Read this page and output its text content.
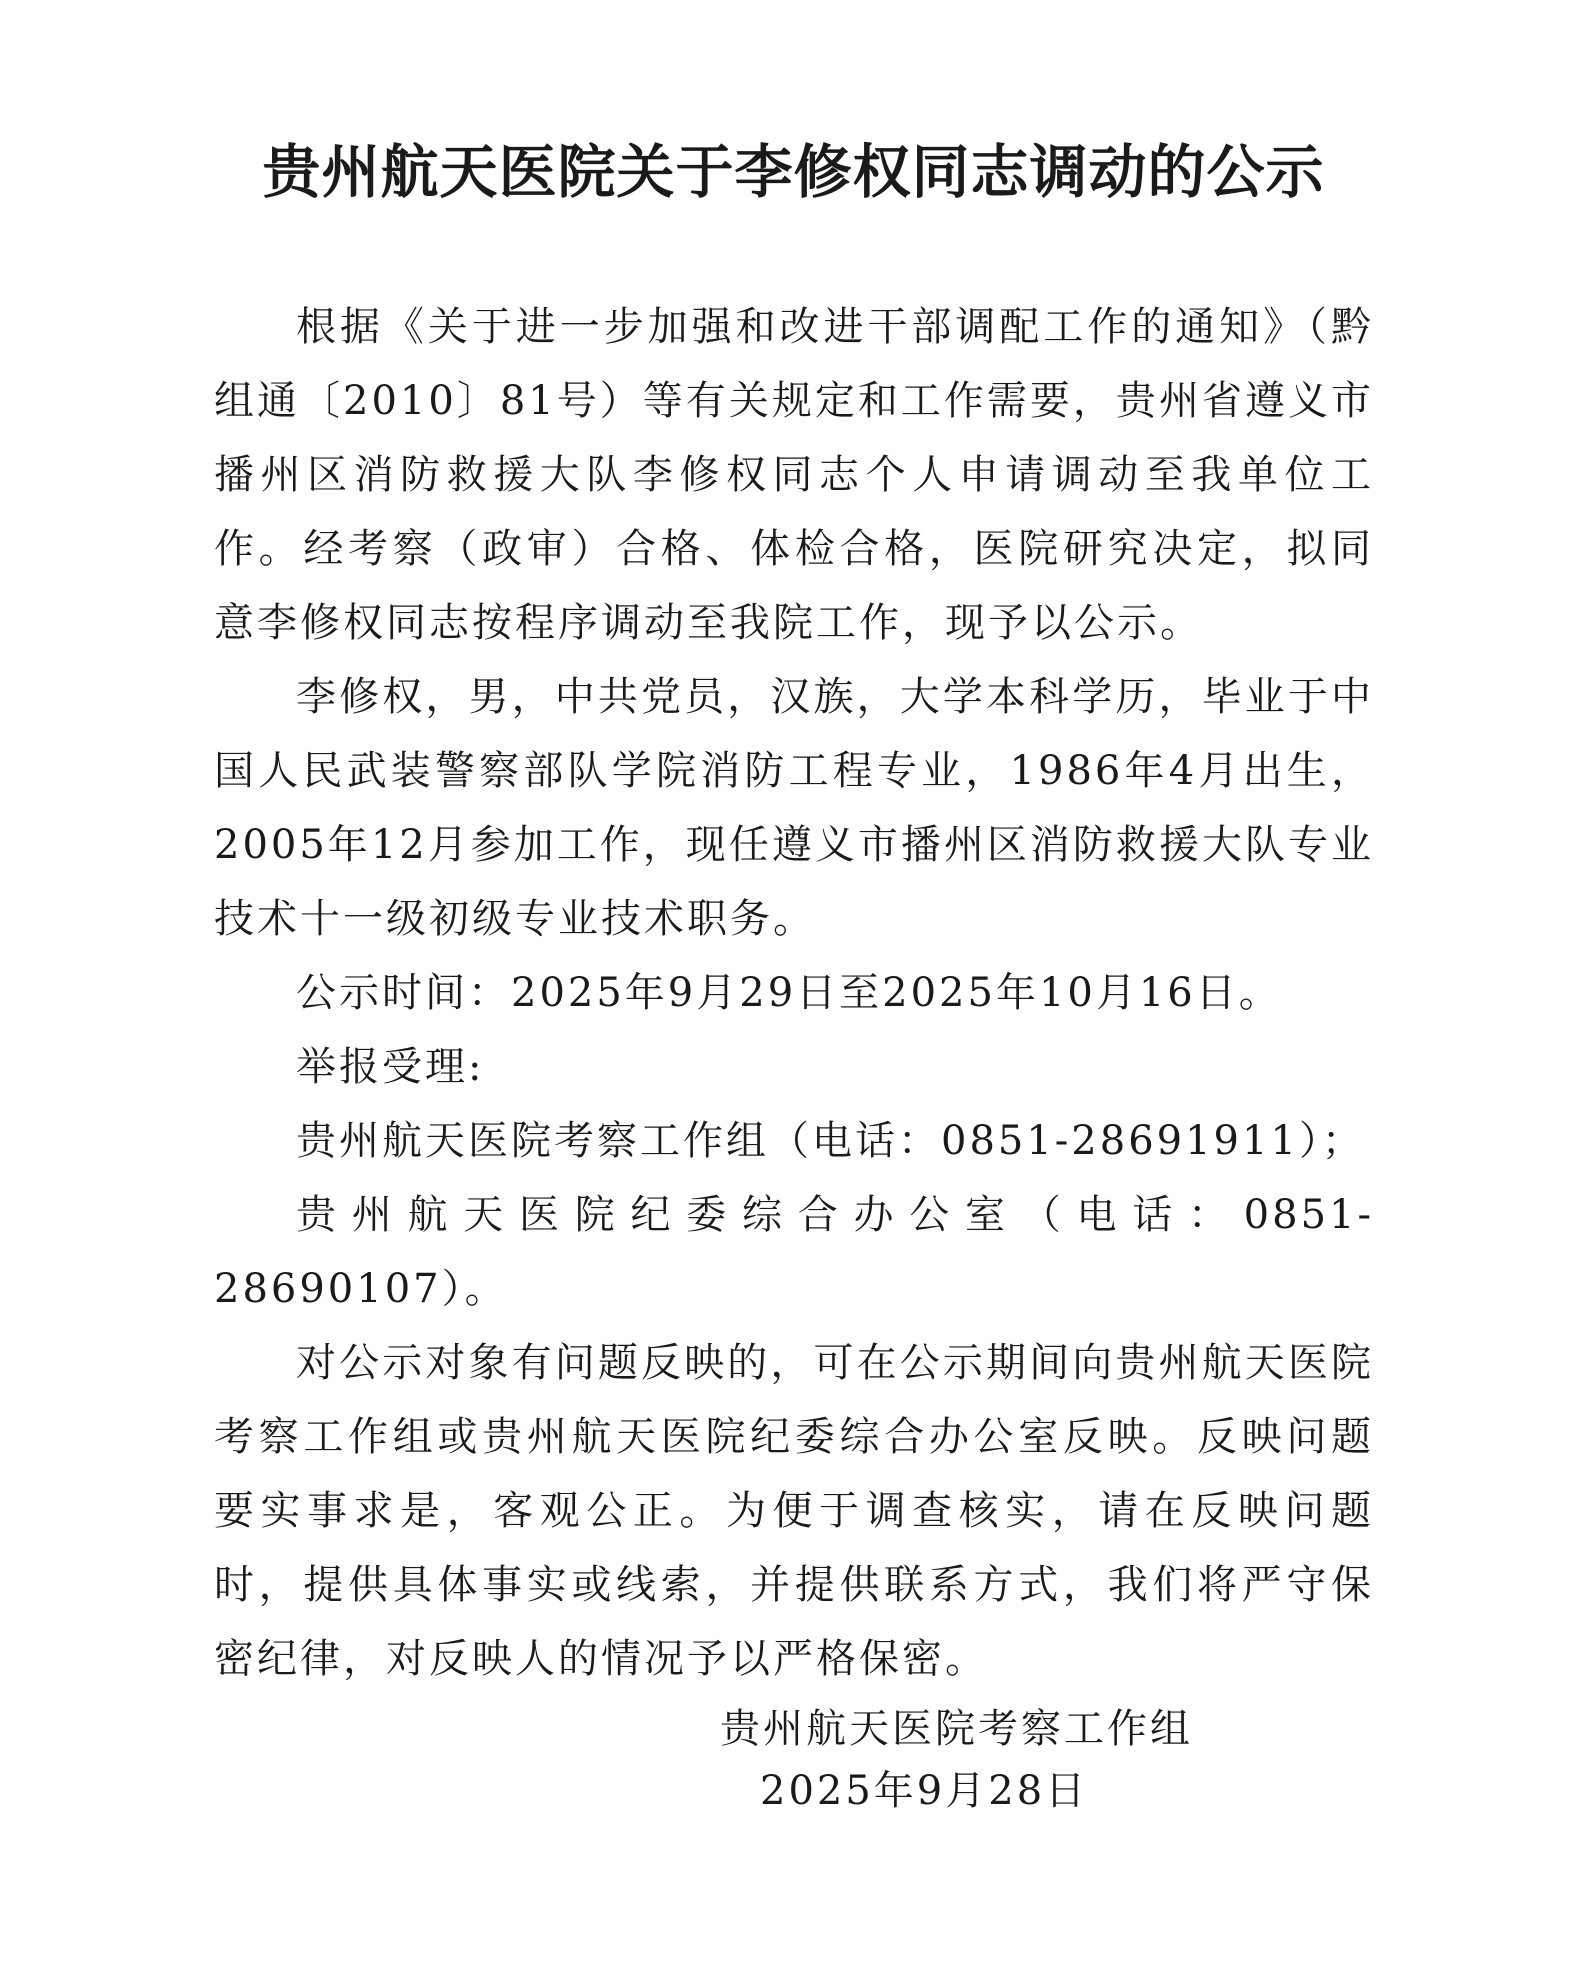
贵州航天医院关于李修权同志调动的公示

根据《关于进一步加强和改进干部调配工作的通知》（黔组通〔2010〕81号）等有关规定和工作需要，贵州省遵义市播州区消防救援大队李修权同志个人申请调动至我单位工作。经考察（政审）合格、体检合格，医院研究决定，拟同意李修权同志按程序调动至我院工作，现予以公示。

李修权，男，中共党员，汉族，大学本科学历，毕业于中国人民武装警察部队学院消防工程专业，1986年4月出生，2005年12月参加工作，现任遵义市播州区消防救援大队专业技术十一级初级专业技术职务。

公示时间：2025年9月29日至2025年10月16日。

举报受理:

贵州航天医院考察工作组（电话：0851-28691911）；

贵州航天医院纪委综合办公室（电话：0851-28690107）。

对公示对象有问题反映的，可在公示期间向贵州航天医院考察工作组或贵州航天医院纪委综合办公室反映。反映问题要实事求是，客观公正。为便于调查核实，请在反映问题时，提供具体事实或线索，并提供联系方式，我们将严守保密纪律，对反映人的情况予以严格保密。

贵州航天医院考察工作组
2025年9月28日
